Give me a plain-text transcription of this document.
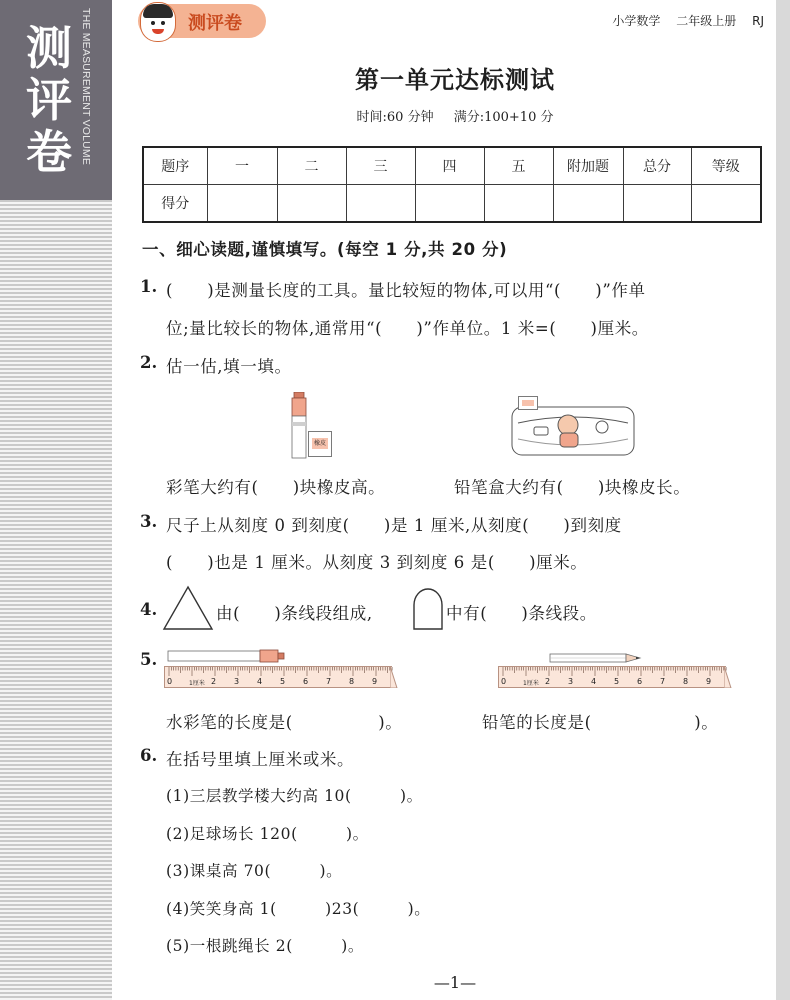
测
评
卷 THE MEASUREMENT VOLUME	测评卷	小学数学 二年级上册 RJ
第一单元达标测试
时间:60 分钟 满分:100+10 分
题序	一	二	三	四	五	附加题	总分	等级
得分								
一、细心读题,谨慎填写。(每空 1 分,共 20 分)
1. (　　)是测量长度的工具。量比较短的物体,可以用“(　　)”作单
位;量比较长的物体,通常用“(　　)”作单位。1 米=(　　)厘米。
2. 估一估,填一填。
橡皮
彩笔大约有(　　)块橡皮高。	铅笔盒大约有(　　)块橡皮长。
3. 尺子上从刻度 0 到刻度(　　)是 1 厘米,从刻度(　　)到刻度
(　　)也是 1 厘米。从刻度 3 到刻度 6 是(　　)厘米。
4.	由(　　)条线段组成,	中有(　　)条线段。
5.
0	1厘米 2 3 4 5 6 7 8 9	0	1厘米 2 3 4 5 6 7 8 9
水彩笔的长度是(　　　　　)。	铅笔的长度是(　　　　　　)。
6. 在括号里填上厘米或米。
(1)三层教学楼大约高 10(　　　)。
(2)足球场长 120(　　　)。
(3)课桌高 70(　　　)。
(4)笑笑身高 1(　　　)23(　　　)。
(5)一根跳绳长 2(　　　)。
—1—
